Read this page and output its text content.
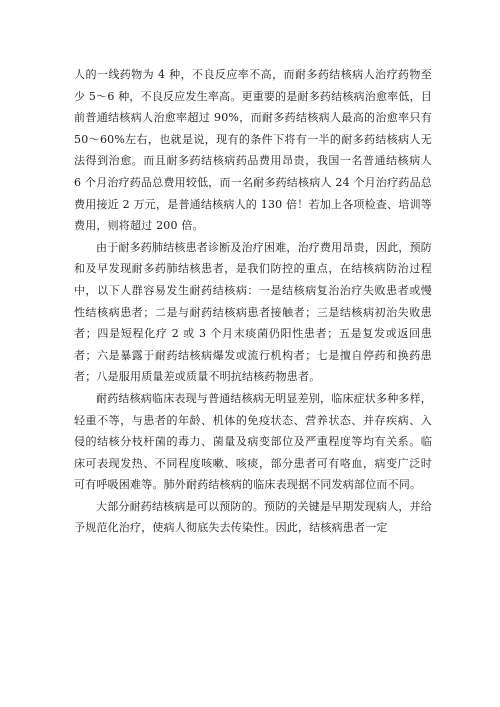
人的一线药物为 4 种，不良反应率不高，而耐多药结核病人治疗药物至少 5～6 种，不良反应发生率高。更重要的是耐多药结核病治愈率低，目前普通结核病人治愈率超过 90%，而耐多药结核病人最高的治愈率只有 50～60%左右，也就是说，现有的条件下将有一半的耐多药结核病人无法得到治愈。而且耐多药结核病药品费用昂贵，我国一名普通结核病人 6 个月治疗药品总费用较低，而一名耐多药结核病人 24 个月治疗药品总费用接近 2 万元，是普通结核病人的 130 倍！若加上各项检查、培训等费用，则将超过 200 倍。

由于耐多药肺结核患者诊断及治疗困难，治疗费用昂贵，因此，预防和及早发现耐多药肺结核患者，是我们防控的重点，在结核病防治过程中，以下人群容易发生耐药结核病：一是结核病复治治疗失败患者或慢性结核病患者；二是与耐药结核病患者接触者；三是结核病初治失败患者；四是短程化疗 2 或 3 个月末痰菌仍阳性患者；五是复发或返回患者；六是暴露于耐药结核病爆发或流行机构者；七是擅自停药和换药患者；八是服用质量差或质量不明抗结核药物患者。

耐药结核病临床表现与普通结核病无明显差别，临床症状多种多样，轻重不等，与患者的年龄、机体的免疫状态、营养状态、并存疾病、入侵的结核分枝杆菌的毒力、菌量及病变部位及严重程度等均有关系。临床可表现发热、不同程度咳嗽、咳痰，部分患者可有咯血，病变广泛时可有呼吸困难等。肺外耐药结核病的临床表现据不同发病部位而不同。

大部分耐药结核病是可以预防的。预防的关键是早期发现病人，并给予规范化治疗，使病人彻底失去传染性。因此，结核病患者一定
